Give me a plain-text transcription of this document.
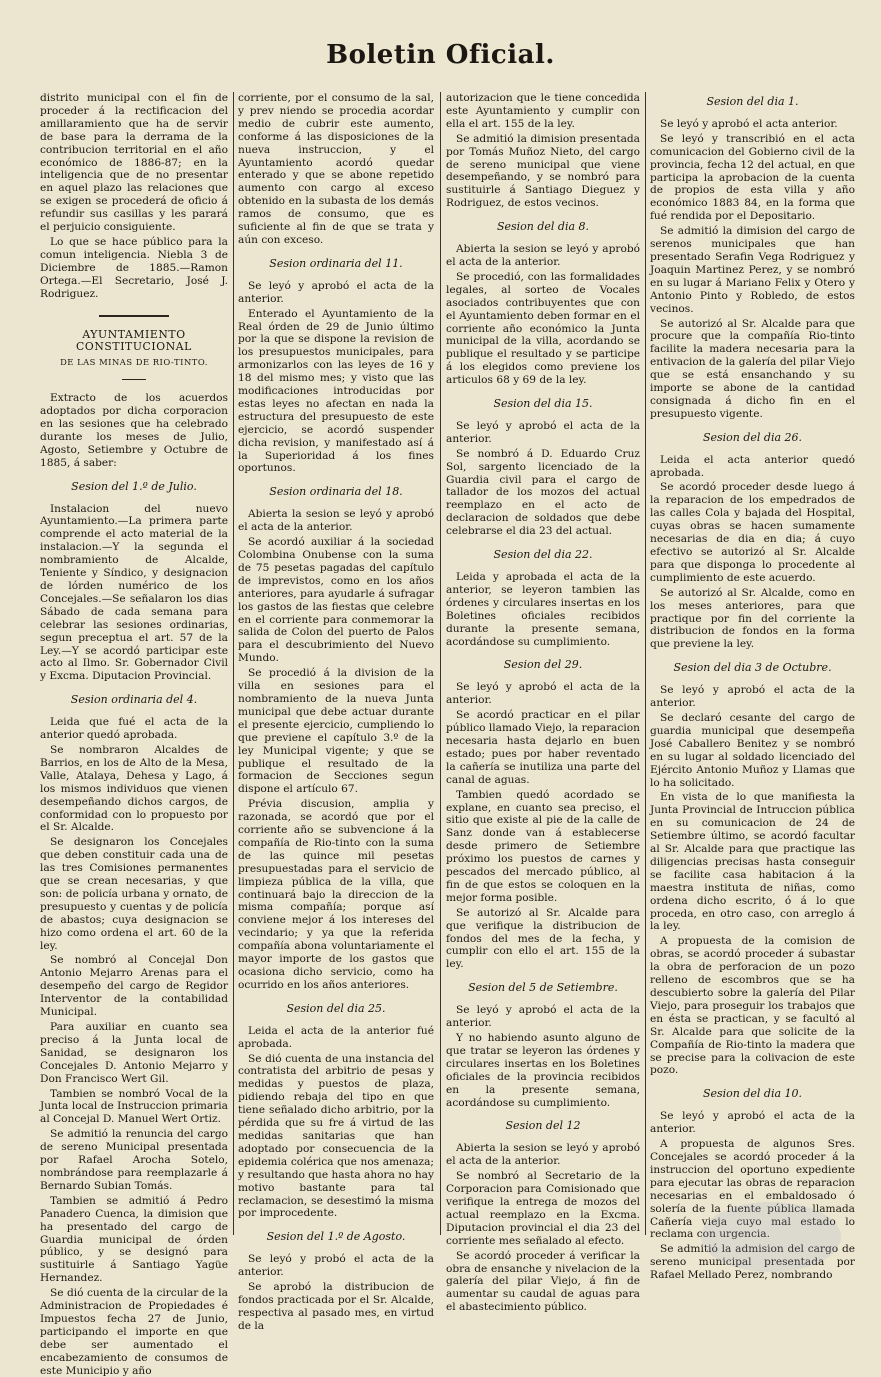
Boletin Oficial.

distrito municipal con el fin de proceder á la rectificacion del amillaramiento que ha de servir de base para la derrama de la contribucion territorial en el año económico de 1886-87; en la inteligencia que de no presentar en aquel plazo las relaciones que se exigen se procederá de oficio á refundir sus casillas y les parará el perjuicio consiguiente.

Lo que se hace público para la comun inteligencia. Niebla 3 de Diciembre de 1885.—Ramon Ortega.—El Secretario, José J. Rodriguez.

AYUNTAMIENTO CONSTITUCIONAL
DE LAS MINAS DE RIO-TINTO.

Extracto de los acuerdos adoptados por dicha corporacion en las sesiones que ha celebrado durante los meses de Julio, Agosto, Setiembre y Octubre de 1885, á saber:

Sesion del 1.º de Julio.

Instalacion del nuevo Ayuntamiento.—La primera parte comprende el acto material de la instalacion.—Y la segunda el nombramiento de Alcalde, Teniente y Síndico, y designacion de lórden numérico de los Concejales.—Se señalaron los dias Sábado de cada semana para celebrar las sesiones ordinarias, segun preceptua el art. 57 de la Ley.—Y se acordó participar este acto al Ilmo. Sr. Gobernador Civil y Excma. Diputacion Provincial.

Sesion ordinaria del 4.

Leida que fué el acta de la anterior quedó aprobada.

Se nombraron Alcaldes de Barrios, en los de Alto de la Mesa, Valle, Atalaya, Dehesa y Lago, á los mismos individuos que vienen desempeñando dichos cargos, de conformidad con lo propuesto por el Sr. Alcalde.

Se designaron los Concejales que deben constituir cada una de las tres Comisiones permanentes que se crean necesarias, y que son: de policía urbana y ornato, de presupuesto y cuentas y de policía de abastos; cuya designacion se hizo como ordena el art. 60 de la ley.

Se nombró al Concejal Don Antonio Mejarro Arenas para el desempeño del cargo de Regidor Interventor de la contabilidad Municipal.

Para auxiliar en cuanto sea preciso á la Junta local de Sanidad, se designaron los Concejales D. Antonio Mejarro y Don Francisco Wert Gil.

Tambien se nombró Vocal de la Junta local de Instruccion primaria al Concejal D. Manuel Wert Ortiz.

Se admitió la renuncia del cargo de sereno Municipal presentada por Rafael Arocha Sotelo, nombrándose para reemplazarle á Bernardo Subian Tomás.

Tambien se admitió á Pedro Panadero Cuenca, la dimision que ha presentado del cargo de Guardia municipal de órden público, y se designó para sustituirle á Santiago Yagüe Hernandez.

Se dió cuenta de la circular de la Administracion de Propiedades é Impuestos fecha 27 de Junio, participando el importe en que debe ser aumentado el encabezamiento de consumos de este Municipio y año

corriente, por el consumo de la sal, y prev niendo se procedia acordar medio de cubrir este aumento, conforme á las disposiciones de la nueva instruccion, y el Ayuntamiento acordó quedar enterado y que se abone repetido aumento con cargo al exceso obtenido en la subasta de los demás ramos de consumo, que es suficiente al fin de que se trata y aún con exceso.

Sesion ordinaria del 11.

Se leyó y aprobó el acta de la anterior.

Enterado el Ayuntamiento de la Real órden de 29 de Junio último por la que se dispone la revision de los presupuestos municipales, para armonizarlos con las leyes de 16 y 18 del mismo mes; y visto que las modificaciones introducidas por estas leyes no afectan en nada la estructura del presupuesto de este ejercicio, se acordó suspender dicha revision, y manifestado así á la Superioridad á los fines oportunos.

Sesion ordinaria del 18.

Abierta la sesion se leyó y aprobó el acta de la anterior.

Se acordó auxiliar á la sociedad Colombina Onubense con la suma de 75 pesetas pagadas del capítulo de imprevistos, como en los años anteriores, para ayudarle á sufragar los gastos de las fiestas que celebre en el corriente para conmemorar la salida de Colon del puerto de Palos para el descubrimiento del Nuevo Mundo.

Se procedió á la division de la villa en sesiones para el nombramiento de la nueva Junta municipal que debe actuar durante el presente ejercicio, cumpliendo lo que previene el capítulo 3.º de la ley Municipal vigente; y que se publique el resultado de la formacion de Secciones segun dispone el artículo 67.

Prévia discusion, amplia y razonada, se acordó que por el corriente año se subvencione á la compañía de Rio-tinto con la suma de las quince mil pesetas presupuestadas para el servicio de limpieza pública de la villa, que continuará bajo la direccion de la misma compañía; porque así conviene mejor á los intereses del vecindario; y ya que la referida compañía abona voluntariamente el mayor importe de los gastos que ocasiona dicho servicio, como ha ocurrido en los años anteriores.

Sesion del dia 25.

Leida el acta de la anterior fué aprobada.

Se dió cuenta de una instancia del contratista del arbitrio de pesas y medidas y puestos de plaza, pidiendo rebaja del tipo en que tiene señalado dicho arbitrio, por la pérdida que su fre á virtud de las medidas sanitarias que han adoptado por consecuencia de la epidemia colérica que nos amenaza; y resultando que hasta ahora no hay motivo bastante para tal reclamacion, se desestimó la misma por improcedente.

Sesion del 1.º de Agosto.

Se leyó y probó el acta de la anterior.

Se aprobó la distribucion de fondos practicada por el Sr. Alcalde, respectiva al pasado mes, en virtud de la

autorizacion que le tiene concedida este Ayuntamiento y cumplir con ella el art. 155 de la ley.

Se admitió la dimision presentada por Tomás Muñoz Nieto, del cargo de sereno municipal que viene desempeñando, y se nombró para sustituirle á Santiago Dieguez y Rodriguez, de estos vecinos.

Sesion del dia 8.

Abierta la sesion se leyó y aprobó el acta de la anterior.

Se procedió, con las formalidades legales, al sorteo de Vocales asociados contribuyentes que con el Ayuntamiento deben formar en el corriente año económico la Junta municipal de la villa, acordando se publique el resultado y se participe á los elegidos como previene los articulos 68 y 69 de la ley.

Sesion del dia 15.

Se leyó y aprobó el acta de la anterior.

Se nombró á D. Eduardo Cruz Sol, sargento licenciado de la Guardia civil para el cargo de tallador de los mozos del actual reemplazo en el acto de declaracion de soldados que debe celebrarse el dia 23 del actual.

Sesion del dia 22.

Leida y aprobada el acta de la anterior, se leyeron tambien las órdenes y circulares insertas en los Boletines oficiales recibidos durante la presente semana, acordándose su cumplimiento.

Sesion del 29.

Se leyó y aprobó el acta de la anterior.

Se acordó practicar en el pilar público llamado Viejo, la reparacion necesaria hasta dejarlo en buen estado; pues por haber reventado la cañería se inutiliza una parte del canal de aguas.

Tambien quedó acordado se explane, en cuanto sea preciso, el sitio que existe al pie de la calle de Sanz donde van á establecerse desde primero de Setiembre próximo los puestos de carnes y pescados del mercado público, al fin de que estos se coloquen en la mejor forma posible.

Se autorizó al Sr. Alcalde para que verifique la distribucion de fondos del mes de la fecha, y cumplir con ello el art. 155 de la ley.

Sesion del 5 de Setiembre.

Se leyó y aprobó el acta de la anterior.

Y no habiendo asunto alguno de que tratar se leyeron las órdenes y circulares insertas en los Boletines oficiales de la provincia recibidos en la presente semana, acordándose su cumplimiento.

Sesion del 12

Abierta la sesion se leyó y aprobó el acta de la anterior.

Se nombró al Secretario de la Corporacion para Comisionado que verifique la entrega de mozos del actual reemplazo en la Excma. Diputacion provincial el dia 23 del corriente mes señalado al efecto.

Se acordó proceder á verificar la obra de ensanche y nivelacion de la galería del pilar Viejo, á fin de aumentar su caudal de aguas para el abastecimiento público.

Sesion del dia 1.

Se leyó y aprobó el acta anterior.

Se leyó y transcribió en el acta comunicacion del Gobierno civil de la provincia, fecha 12 del actual, en que participa la aprobacion de la cuenta de propios de esta villa y año económico 1883 84, en la forma que fué rendida por el Depositario.

Se admitió la dimision del cargo de serenos municipales que han presentado Serafin Vega Rodriguez y Joaquin Martinez Perez, y se nombró en su lugar á Mariano Felix y Otero y Antonio Pinto y Robledo, de estos vecinos.

Se autorizó al Sr. Alcalde para que procure que la compañía Rio-tinto facilite la madera necesaria para la entivacion de la galería del pilar Viejo que se está ensanchando y su importe se abone de la cantidad consignada á dicho fin en el presupuesto vigente.

Sesion del dia 26.

Leida el acta anterior quedó aprobada.

Se acordó proceder desde luego á la reparacion de los empedrados de las calles Cola y bajada del Hospital, cuyas obras se hacen sumamente necesarias de dia en dia; á cuyo efectivo se autorizó al Sr. Alcalde para que disponga lo procedente al cumplimiento de este acuerdo.

Se autorizó al Sr. Alcalde, como en los meses anteriores, para que practique por fin del corriente la distribucion de fondos en la forma que previene la ley.

Sesion del dia 3 de Octubre.

Se leyó y aprobó el acta de la anterior.

Se declaró cesante del cargo de guardia municipal que desempeña José Caballero Benitez y se nombró en su lugar al soldado licenciado del Ejército Antonio Muñoz y Llamas que lo ha solicitado.

En vista de lo que manifiesta la Junta Provincial de Intruccion pública en su comunicacion de 24 de Setiembre último, se acordó facultar al Sr. Alcalde para que practique las diligencias precisas hasta conseguir se facilite casa habitacion á la maestra instituta de niñas, como ordena dicho escrito, ó á lo que proceda, en otro caso, con arreglo á la ley.

A propuesta de la comision de obras, se acordó proceder á subastar la obra de perforacion de un pozo relleno de escombros que se ha descubierto sobre la galería del Pilar Viejo, para proseguir los trabajos que en ésta se practican, y se facultó al Sr. Alcalde para que solicite de la Compañía de Rio-tinto la madera que se precise para la colivacion de este pozo.

Sesion del dia 10.

Se leyó y aprobó el acta de la anterior.

A propuesta de algunos Sres. Concejales se acordó proceder á la instruccion del oportuno expediente para ejecutar las obras de reparacion necesarias en el embaldosado ó solería de la fuente pública llamada Cañería vieja cuyo mal estado lo reclama con urgencia.

Se admitió la admision del cargo de sereno municipal presentada por Rafael Mellado Perez, nombrando
